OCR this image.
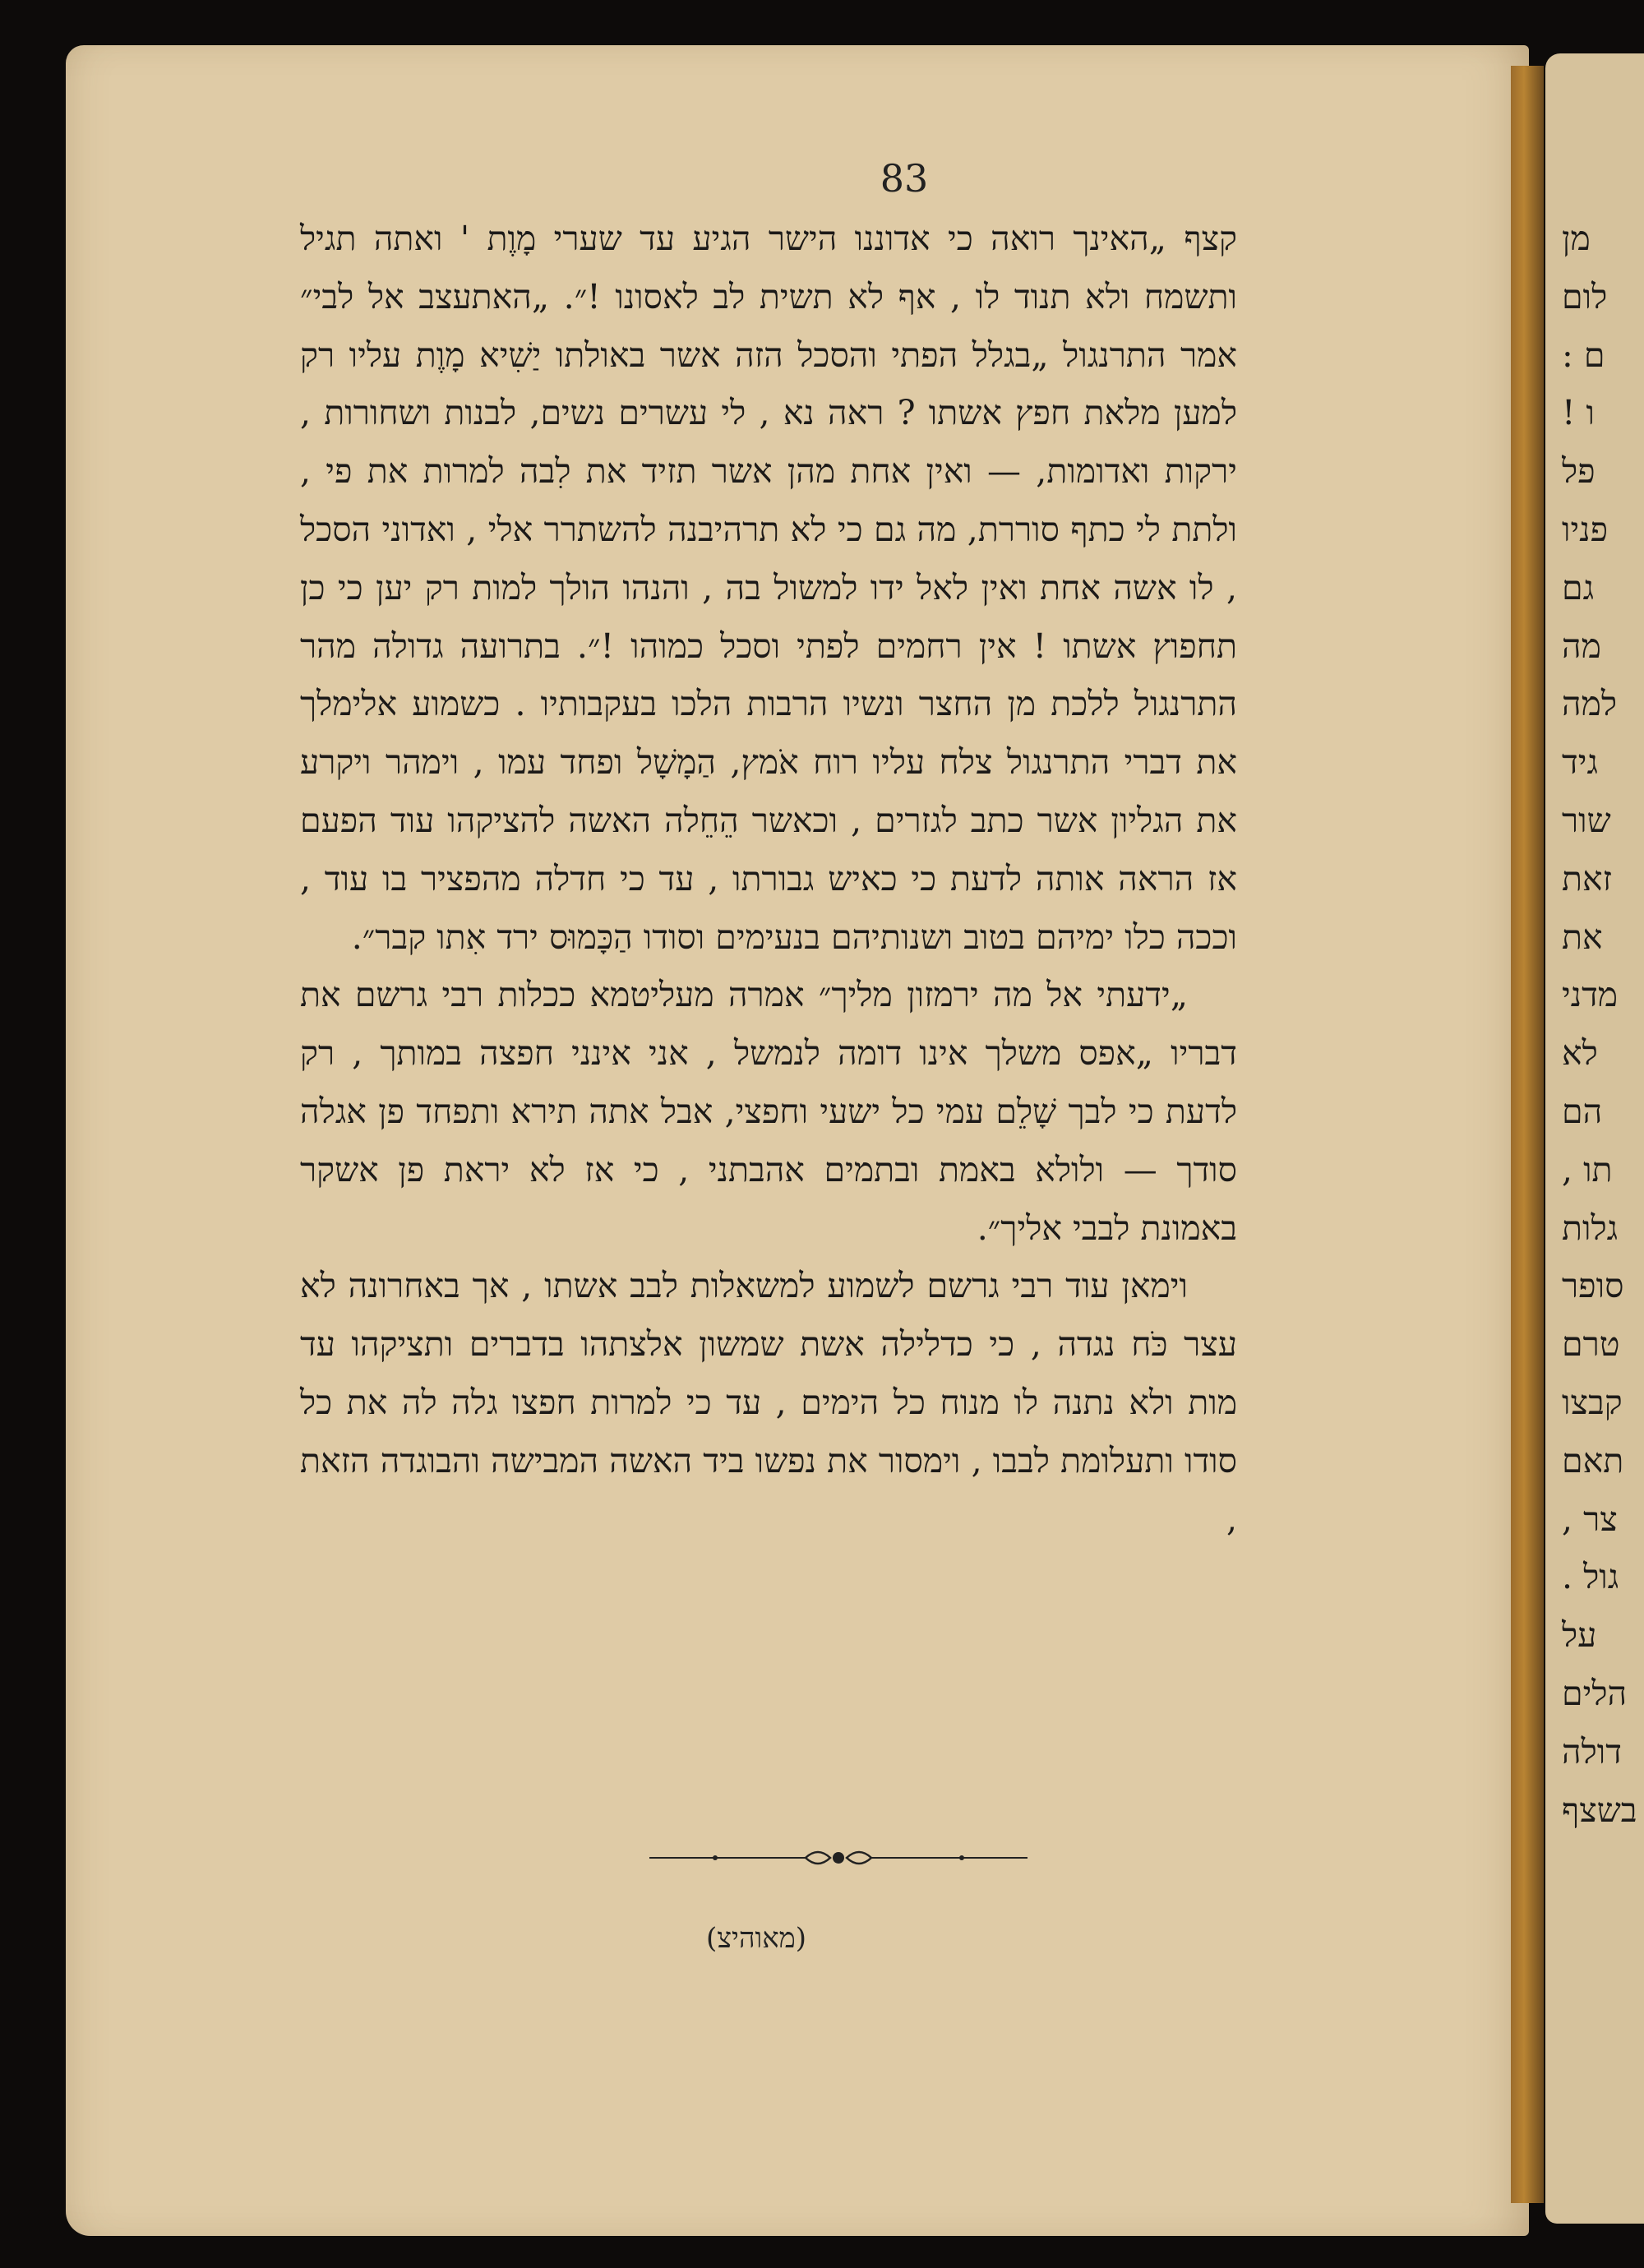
83

קצף „האינך רואה כי אדוננו הישר הגיע עד שערי מָוֶת ' ואתה תגיל ותשמח ולא תנוד לו , אף לא תשית לב לאסונו !״. „האתעצב אל לבי״ אמר התרנגול „בגלל הפתי והסכל הזה אשר באולתו יַשִׁיא מָוֶת עליו רק למען מלאת חפץ אשתו ? ראה נא , לי עשרים נשים, לבנות ושחורות , ירקות ואדומות, — ואין אחת מהן אשר תזיד את לִבה למרות את פי , ולתת לי כתף סוררת, מה גם כי לא תרהיבנה להשתרר אלי , ואדוני הסכל , לו אשה אחת ואין לאל ידו למשול בה , והנהו הולך למות רק יען כי כן תחפוץ אשתו ! אין רחמים לפתי וסכל כמוהו !״. בתרועה גדולה מהר התרנגול ללכת מן החצר ונשיו הרבות הלכו בעקבותיו . כשמוע אלימלך את דברי התרנגול צלח עליו רוח אֹמץ, הַמָשָׁל ופחד עמו , וימהר ויקרע את הגליון אשר כתב לגזרים , וכאשר הֵחֵלה האשה להציקהו עוד הפעם אז הראה אותה לדעת כי כאיש גבורתו , עד כי חדלה מהפציר בו עוד , וככה כלו ימיהם בטוב ושנותיהם בנעימים וסודו הַכָּמוּס ירד אִתו קבר״.

„ידעתי אל מה ירמזון מליך״ אמרה מעליטמא ככלות רבי גרשם את דבריו „אפס משלך אינו דומה לנמשל , אני אינני חפצה במותך , רק לדעת כי לבך שָׁלֵם עמי כל ישעי וחפצי, אבל אתה תירא ותפחד פן אגלה סודך — ולולא באמת ובתמים אהבתני , כי אז לא יראת פן אשקר באמונת לבבי אליך״.

וימאן עוד רבי גרשם לשמוע למשאלות לבב אשתו , אך באחרונה לא עצר כֹּח נגדה , כי כדלילה אשת שמשון אלצתהו בדברים ותציקהו עד מות ולא נתנה לו מנוח כל הימים , עד כי למרות חפצו גלה לה את כל סודו ותעלומת לבבו , וימסור את נפשו ביד האשה המבישה והבוגדה הזאת ,

(מאוהיצ)
מן
לום
ם :
ו !
פל
פניו
גם
מה
למה
גיד
שור
זאת
את
מדני
לא
הם
תו ,
גלות
סופר
טרם
קבצו
תאם
צר ,
גול .
על
הלים
דולה
בשצף
